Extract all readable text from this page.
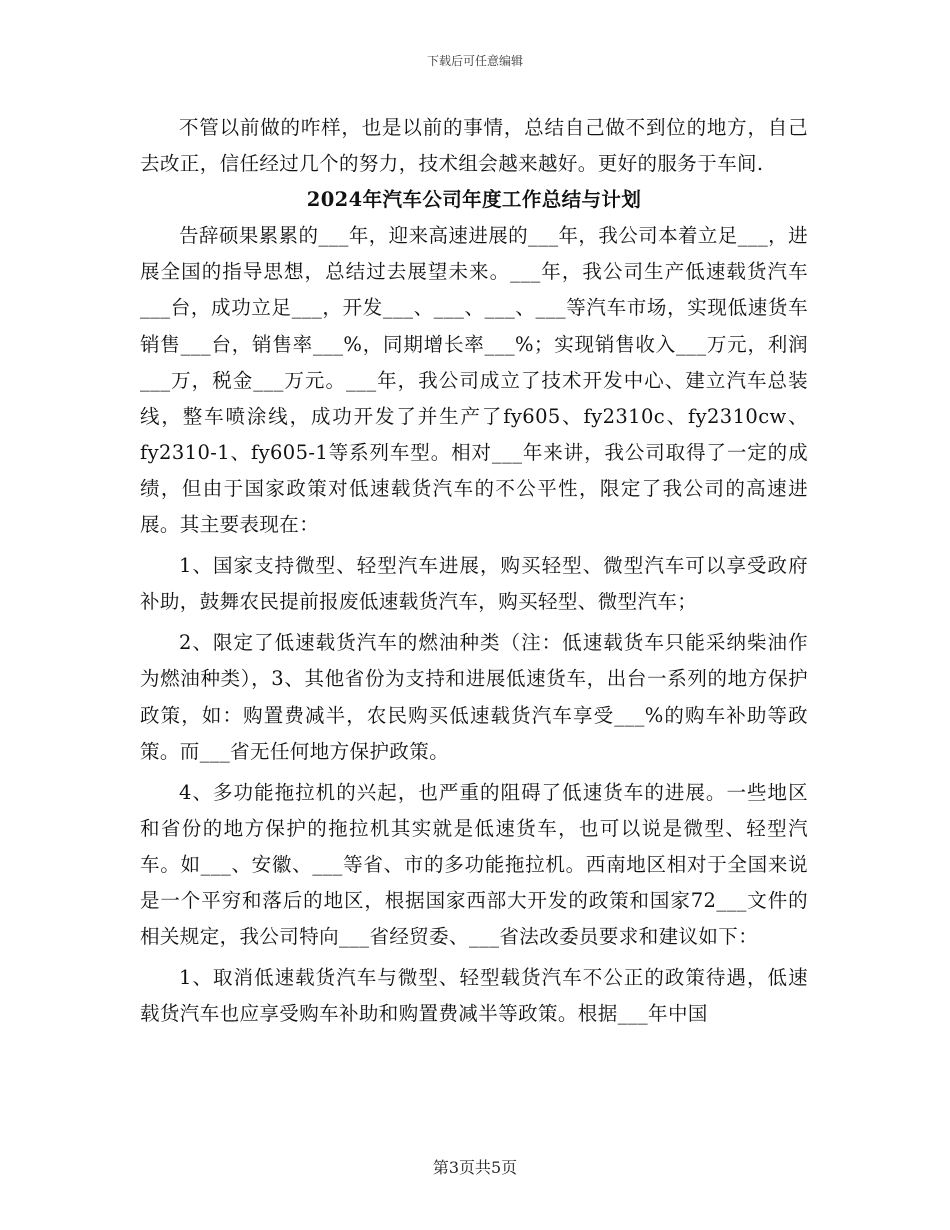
下载后可任意编辑

不管以前做的咋样，也是以前的事情，总结自己做不到位的地方，自己去改正，信任经过几个的努力，技术组会越来越好。更好的服务于车间.

2024年汽车公司年度工作总结与计划

告辞硕果累累的___年，迎来高速进展的___年，我公司本着立足___，进展全国的指导思想，总结过去展望未来。___年，我公司生产低速载货汽车___台，成功立足___，开发___、___、___、___等汽车市场，实现低速货车销售___台，销售率___%，同期增长率___%；实现销售收入___万元，利润___万，税金___万元。___年，我公司成立了技术开发中心、建立汽车总装线，整车喷涂线，成功开发了并生产了fy605、fy2310c、fy2310cw、fy2310-1、fy605-1等系列车型。相对___年来讲，我公司取得了一定的成绩，但由于国家政策对低速载货汽车的不公平性，限定了我公司的高速进展。其主要表现在：

1、国家支持微型、轻型汽车进展，购买轻型、微型汽车可以享受政府补助，鼓舞农民提前报废低速载货汽车，购买轻型、微型汽车；

2、限定了低速载货汽车的燃油种类（注：低速载货车只能采纳柴油作为燃油种类），3、其他省份为支持和进展低速货车，出台一系列的地方保护政策，如：购置费减半，农民购买低速载货汽车享受___%的购车补助等政策。而___省无任何地方保护政策。

4、多功能拖拉机的兴起，也严重的阻碍了低速货车的进展。一些地区和省份的地方保护的拖拉机其实就是低速货车，也可以说是微型、轻型汽车。如___、安徽、___等省、市的多功能拖拉机。西南地区相对于全国来说是一个平穷和落后的地区，根据国家西部大开发的政策和国家72___文件的相关规定，我公司特向___省经贸委、___省法改委员要求和建议如下：

1、取消低速载货汽车与微型、轻型载货汽车不公正的政策待遇，低速载货汽车也应享受购车补助和购置费减半等政策。根据___年中国

第3页共5页
